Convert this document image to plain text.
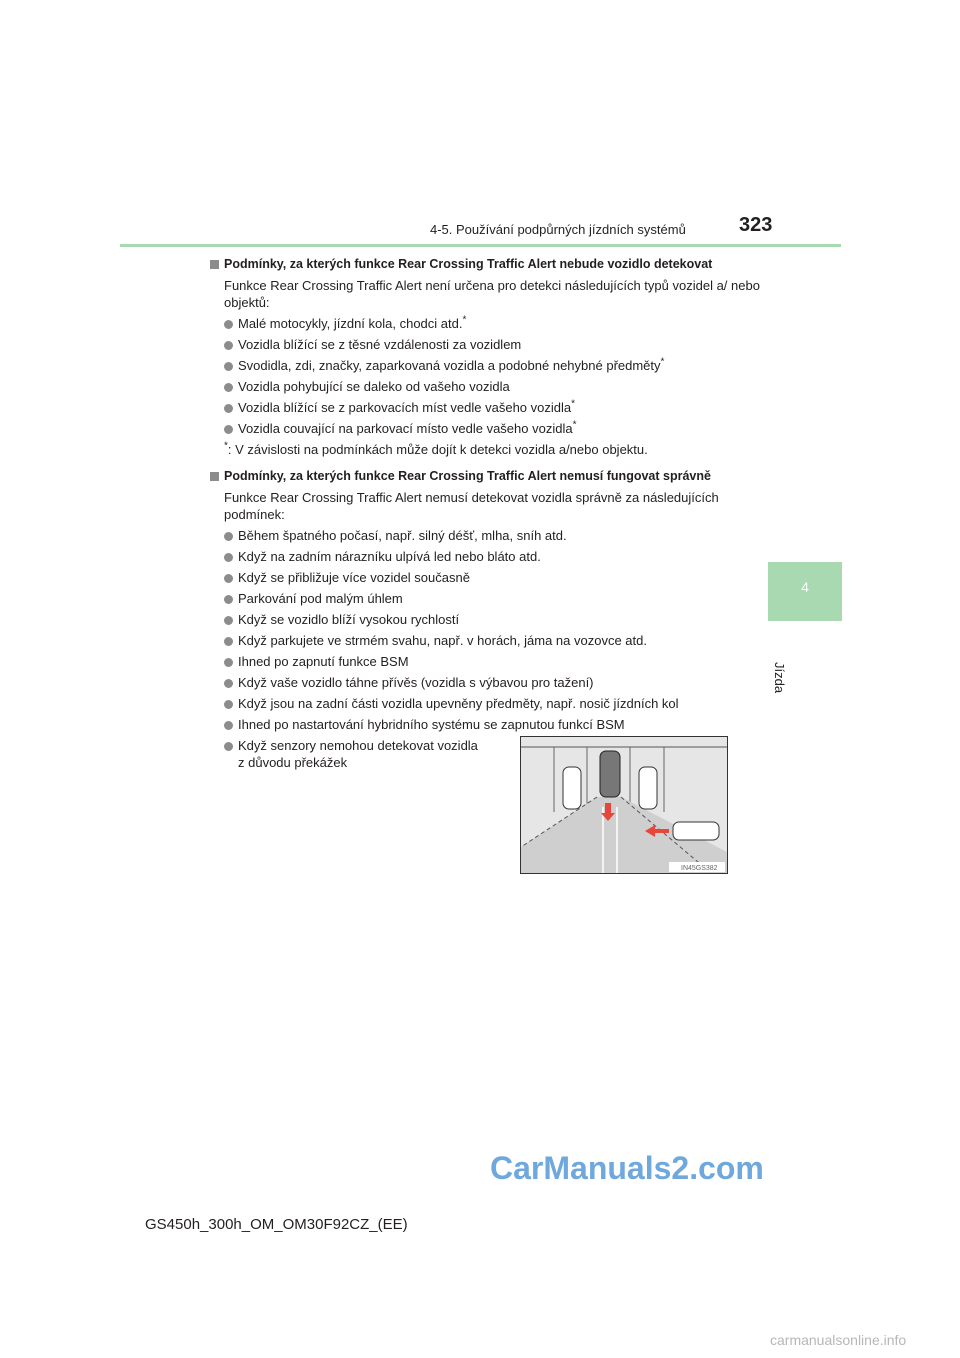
4-5. Používání podpůrných jízdních systémů	323
4
Jízda
Podmínky, za kterých funkce Rear Crossing Traffic Alert nebude vozidlo detekovat
Funkce Rear Crossing Traffic Alert není určena pro detekci následujících typů vozidel a/ nebo objektů:
Malé motocykly, jízdní kola, chodci atd.*
Vozidla blížící se z těsné vzdálenosti za vozidlem
Svodidla, zdi, značky, zaparkovaná vozidla a podobné nehybné předměty*
Vozidla pohybující se daleko od vašeho vozidla
Vozidla blížící se z parkovacích míst vedle vašeho vozidla*
Vozidla couvající na parkovací místo vedle vašeho vozidla*
*: V závislosti na podmínkách může dojít k detekci vozidla a/nebo objektu.
Podmínky, za kterých funkce Rear Crossing Traffic Alert nemusí fungovat správně
Funkce Rear Crossing Traffic Alert nemusí detekovat vozidla správně za následujících podmínek:
Během špatného počasí, např. silný déšť, mlha, sníh atd.
Když na zadním nárazníku ulpívá led nebo bláto atd.
Když se přibližuje více vozidel současně
Parkování pod malým úhlem
Když se vozidlo blíží vysokou rychlostí
Když parkujete ve strmém svahu, např. v horách, jáma na vozovce atd.
Ihned po zapnutí funkce BSM
Když vaše vozidlo táhne přívěs (vozidla s výbavou pro tažení)
Když jsou na zadní části vozidla upevněny předměty, např. nosič jízdních kol
Ihned po nastartování hybridního systému se zapnutou funkcí BSM
Když senzory nemohou detekovat vozidla z důvodu překážek
IN45GS382
GS450h_300h_OM_OM30F92CZ_(EE)
CarManuals2.com
carmanualsonline.info
